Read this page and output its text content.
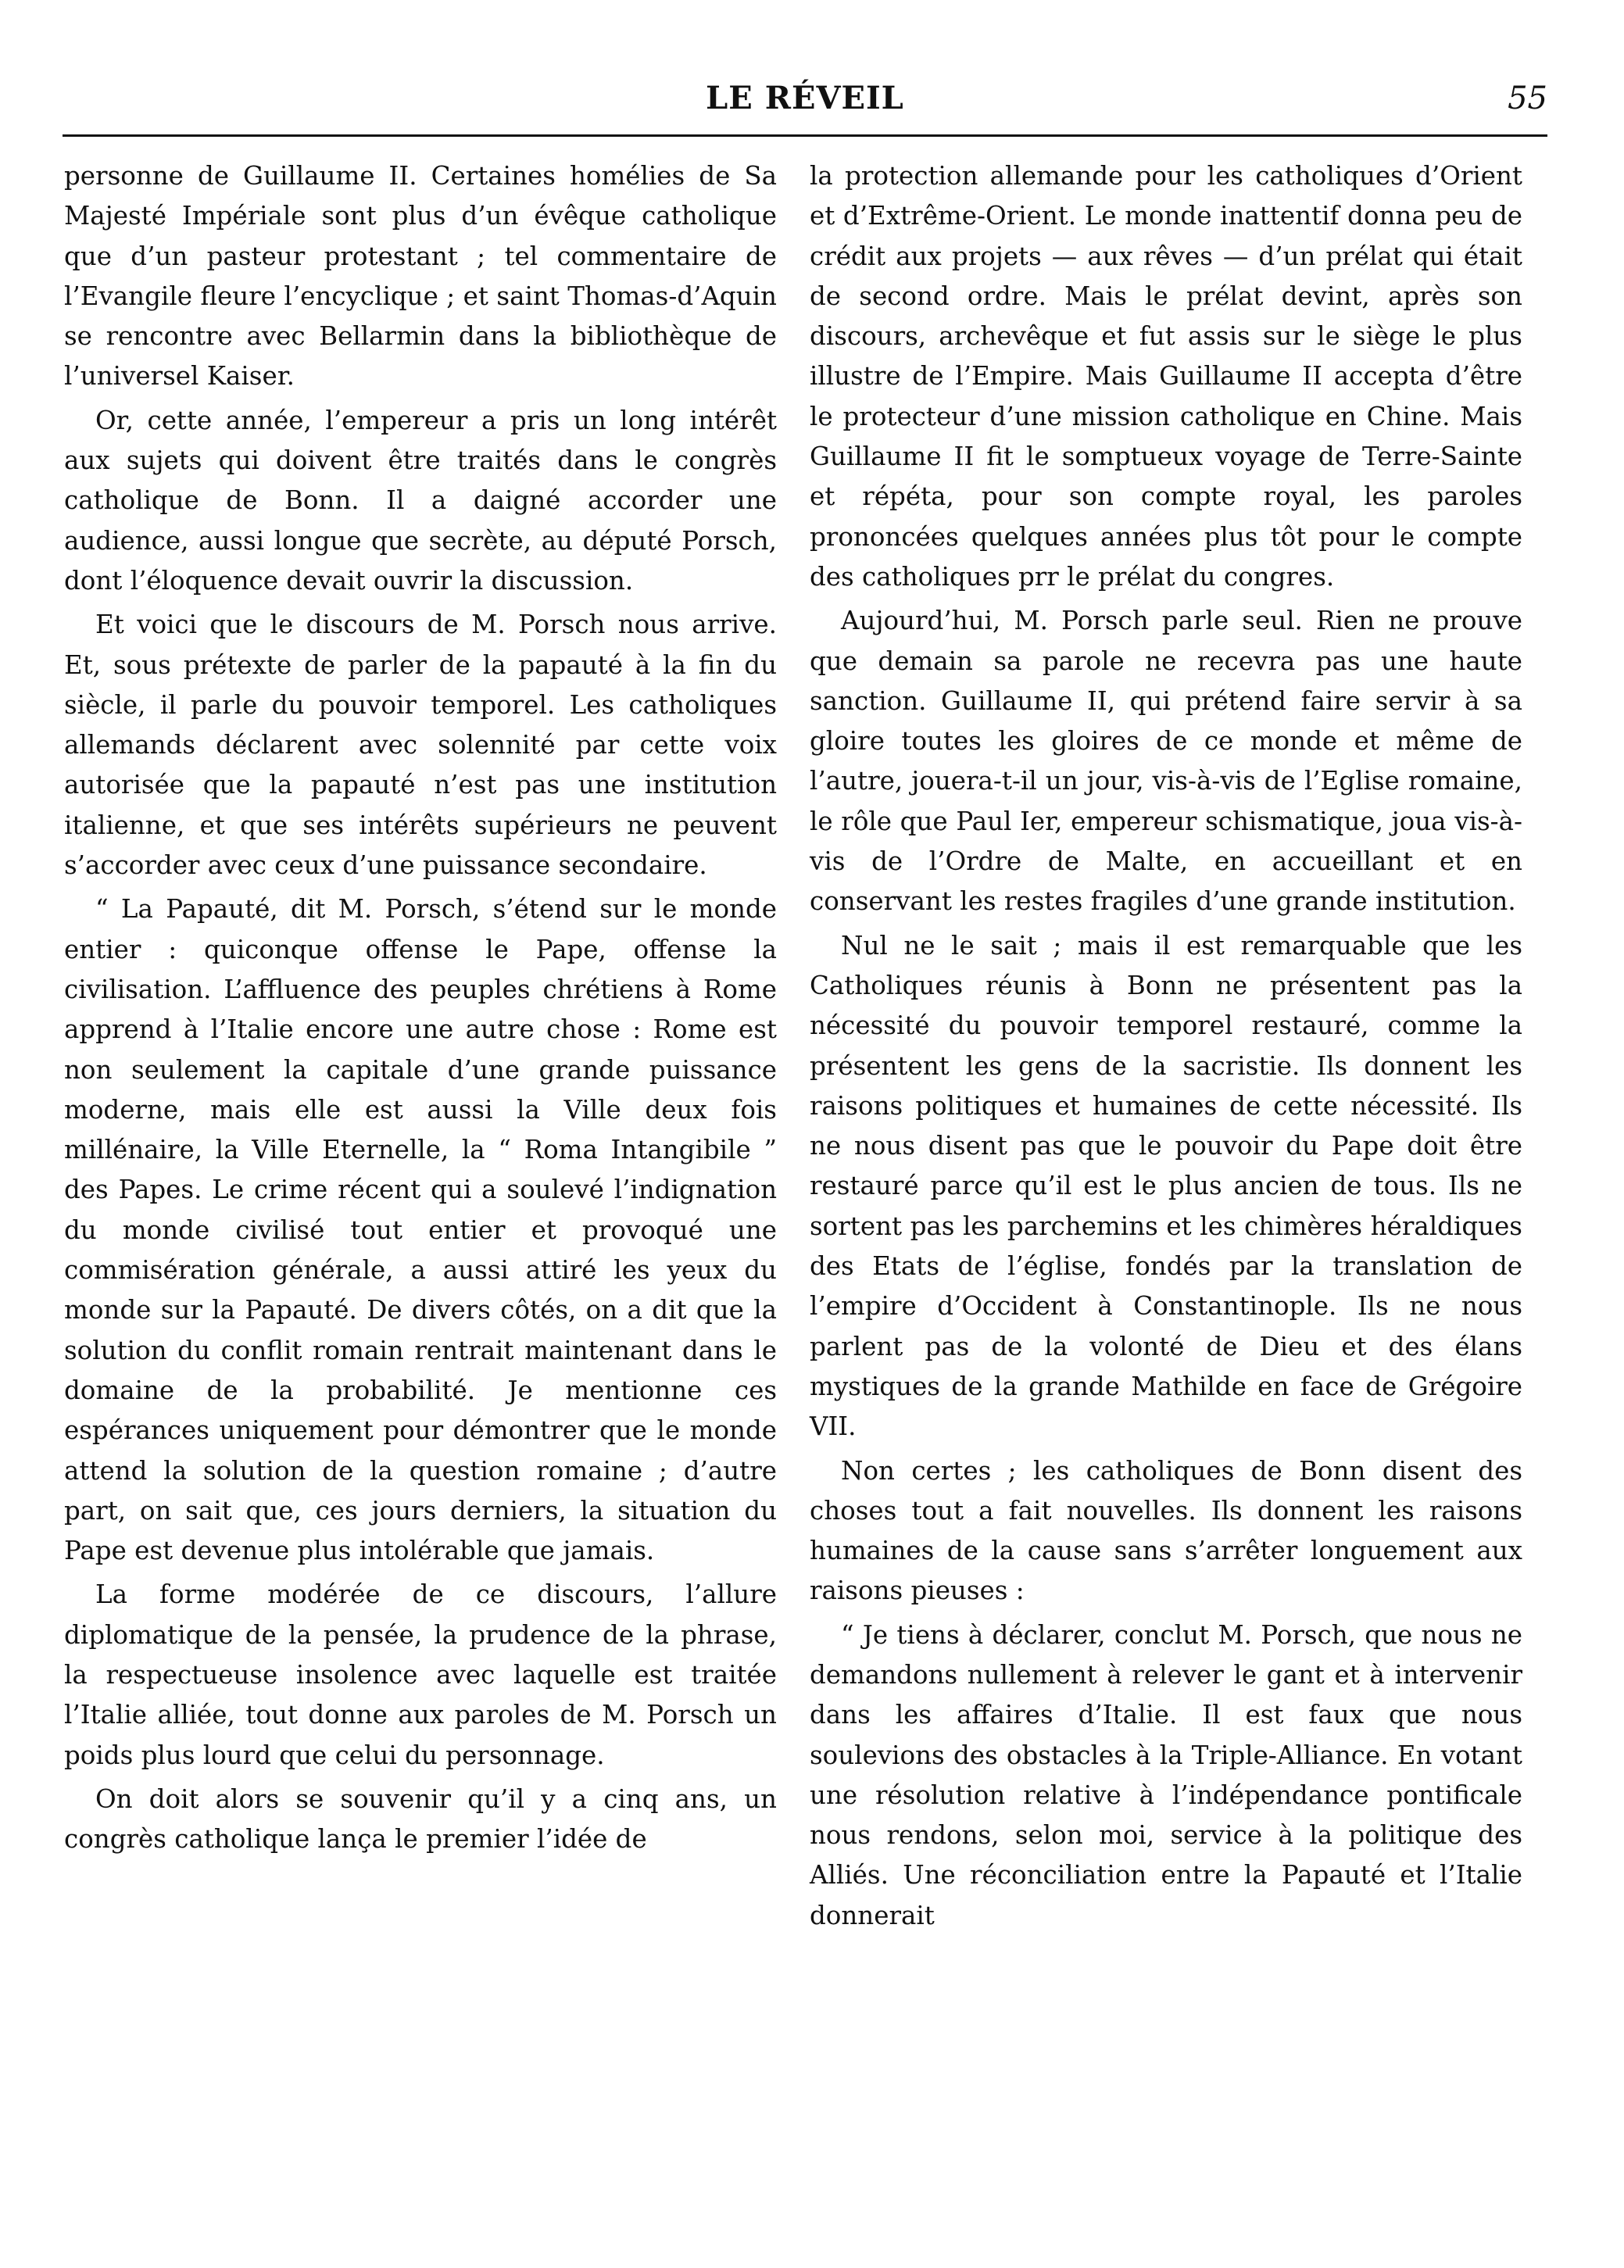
LE RÉVEIL	55

personne de Guillaume II. Certaines homélies de Sa Majesté Impériale sont plus d’un évêque catholique que d’un pasteur protestant ; tel commentaire de l’Evangile fleure l’encyclique ; et saint Thomas-d’Aquin se rencontre avec Bellarmin dans la bibliothèque de l’universel Kaiser.

Or, cette année, l’empereur a pris un long intérêt aux sujets qui doivent être traités dans le congrès catholique de Bonn. Il a daigné accorder une audience, aussi longue que secrète, au député Porsch, dont l’éloquence devait ouvrir la discussion.

Et voici que le discours de M. Porsch nous arrive. Et, sous prétexte de parler de la papauté à la fin du siècle, il parle du pouvoir temporel. Les catholiques allemands déclarent avec solennité par cette voix autorisée que la papauté n’est pas une institution italienne, et que ses intérêts supérieurs ne peuvent s’accorder avec ceux d’une puissance secondaire.

“ La Papauté, dit M. Porsch, s’étend sur le monde entier : quiconque offense le Pape, offense la civilisation. L’affluence des peuples chrétiens à Rome apprend à l’Italie encore une autre chose : Rome est non seulement la capitale d’une grande puissance moderne, mais elle est aussi la Ville deux fois millénaire, la Ville Eternelle, la “ Roma Intangibile ” des Papes. Le crime récent qui a soulevé l’indignation du monde civilisé tout entier et provoqué une commisération générale, a aussi attiré les yeux du monde sur la Papauté. De divers côtés, on a dit que la solution du conflit romain rentrait maintenant dans le domaine de la probabilité. Je mentionne ces espérances uniquement pour démontrer que le monde attend la solution de la question romaine ; d’autre part, on sait que, ces jours derniers, la situation du Pape est devenue plus intolérable que jamais.

La forme modérée de ce discours, l’allure diplomatique de la pensée, la prudence de la phrase, la respectueuse insolence avec laquelle est traitée l’Italie alliée, tout donne aux paroles de M. Porsch un poids plus lourd que celui du personnage.

On doit alors se souvenir qu’il y a cinq ans, un congrès catholique lança le premier l’idée de

la protection allemande pour les catholiques d’Orient et d’Extrême-Orient. Le monde inattentif donna peu de crédit aux projets — aux rêves — d’un prélat qui était de second ordre. Mais le prélat devint, après son discours, archevêque et fut assis sur le siège le plus illustre de l’Empire. Mais Guillaume II accepta d’être le protecteur d’une mission catholique en Chine. Mais Guillaume II fit le somptueux voyage de Terre-Sainte et répéta, pour son compte royal, les paroles prononcées quelques années plus tôt pour le compte des catholiques prr le prélat du congres.

Aujourd’hui, M. Porsch parle seul. Rien ne prouve que demain sa parole ne recevra pas une haute sanction. Guillaume II, qui prétend faire servir à sa gloire toutes les gloires de ce monde et même de l’autre, jouera-t-il un jour, vis-à-vis de l’Eglise romaine, le rôle que Paul Ier, empereur schismatique, joua vis-à-vis de l’Ordre de Malte, en accueillant et en conservant les restes fragiles d’une grande institution.

Nul ne le sait ; mais il est remarquable que les Catholiques réunis à Bonn ne présentent pas la nécessité du pouvoir temporel restauré, comme la présentent les gens de la sacristie. Ils donnent les raisons politiques et humaines de cette nécessité. Ils ne nous disent pas que le pouvoir du Pape doit être restauré parce qu’il est le plus ancien de tous. Ils ne sortent pas les parchemins et les chimères héraldiques des Etats de l’église, fondés par la translation de l’empire d’Occident à Constantinople. Ils ne nous parlent pas de la volonté de Dieu et des élans mystiques de la grande Mathilde en face de Grégoire VII.

Non certes ; les catholiques de Bonn disent des choses tout a fait nouvelles. Ils donnent les raisons humaines de la cause sans s’arrêter longuement aux raisons pieuses :

“ Je tiens à déclarer, conclut M. Porsch, que nous ne demandons nullement à relever le gant et à intervenir dans les affaires d’Italie. Il est faux que nous soulevions des obstacles à la Triple-Alliance. En votant une résolution relative à l’indépendance pontificale nous rendons, selon moi, service à la politique des Alliés. Une réconciliation entre la Papauté et l’Italie donnerait
